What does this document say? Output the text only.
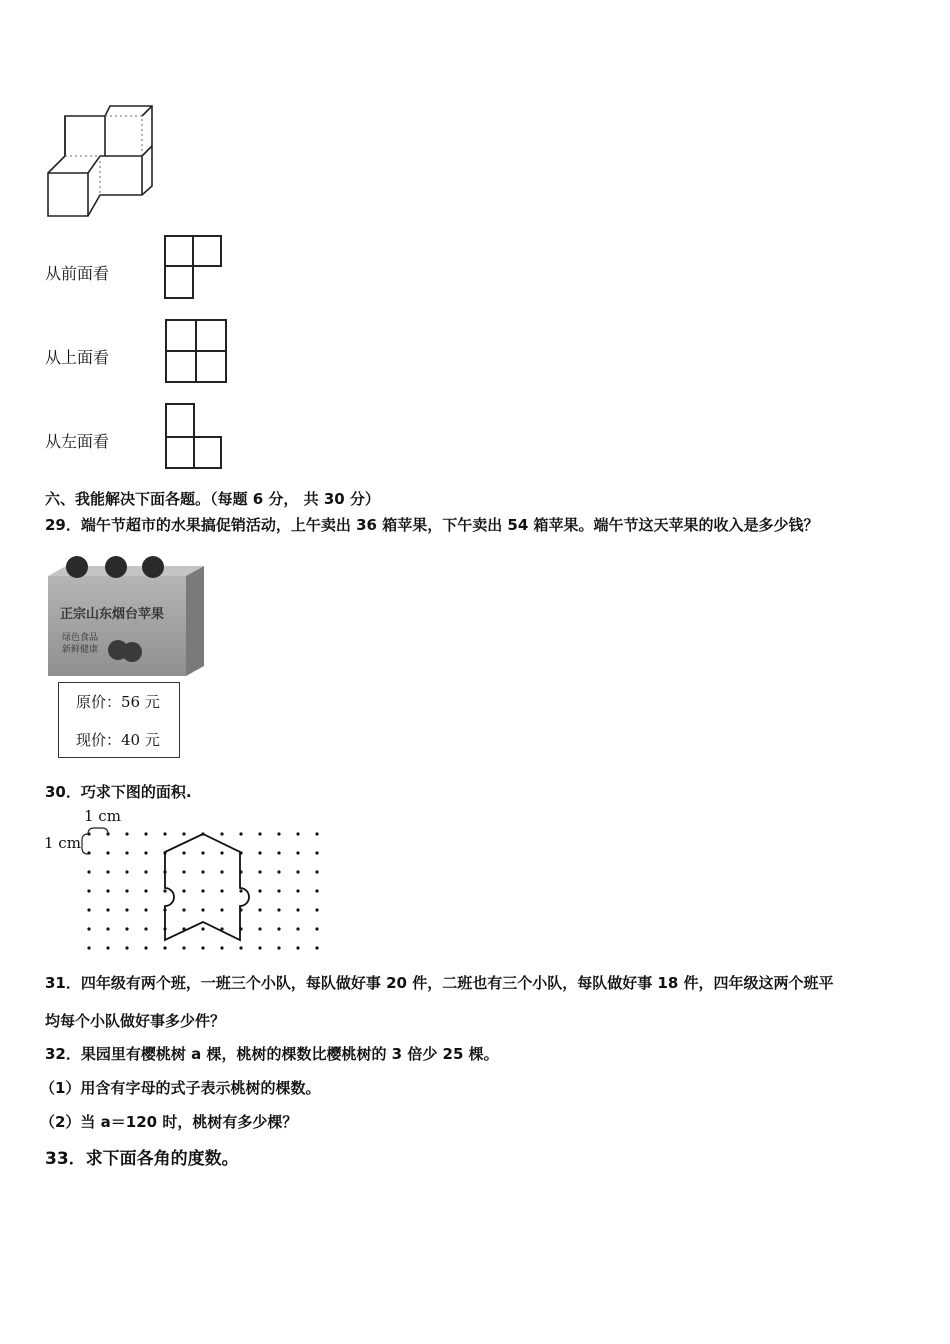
从前面看
从上面看
从左面看
六、我能解决下面各题。（每题 6 分， 共 30 分）
29．端午节超市的水果搞促销活动，上午卖出 36 箱苹果，下午卖出 54 箱苹果。端午节这天苹果的收入是多少钱？
正宗山东烟台苹果
绿色食品
新鲜健康
原价：56 元
现价：40 元
30．巧求下图的面积.
1 cm
1 cm
31．四年级有两个班，一班三个小队，每队做好事 20 件，二班也有三个小队，每队做好事 18 件，四年级这两个班平
均每个小队做好事多少件？
32．果园里有樱桃树 a 棵，桃树的棵数比樱桃树的 3 倍少 25 棵。
（1）用含有字母的式子表示桃树的棵数。
（2）当 a＝120 时，桃树有多少棵？
33．求下面各角的度数。
